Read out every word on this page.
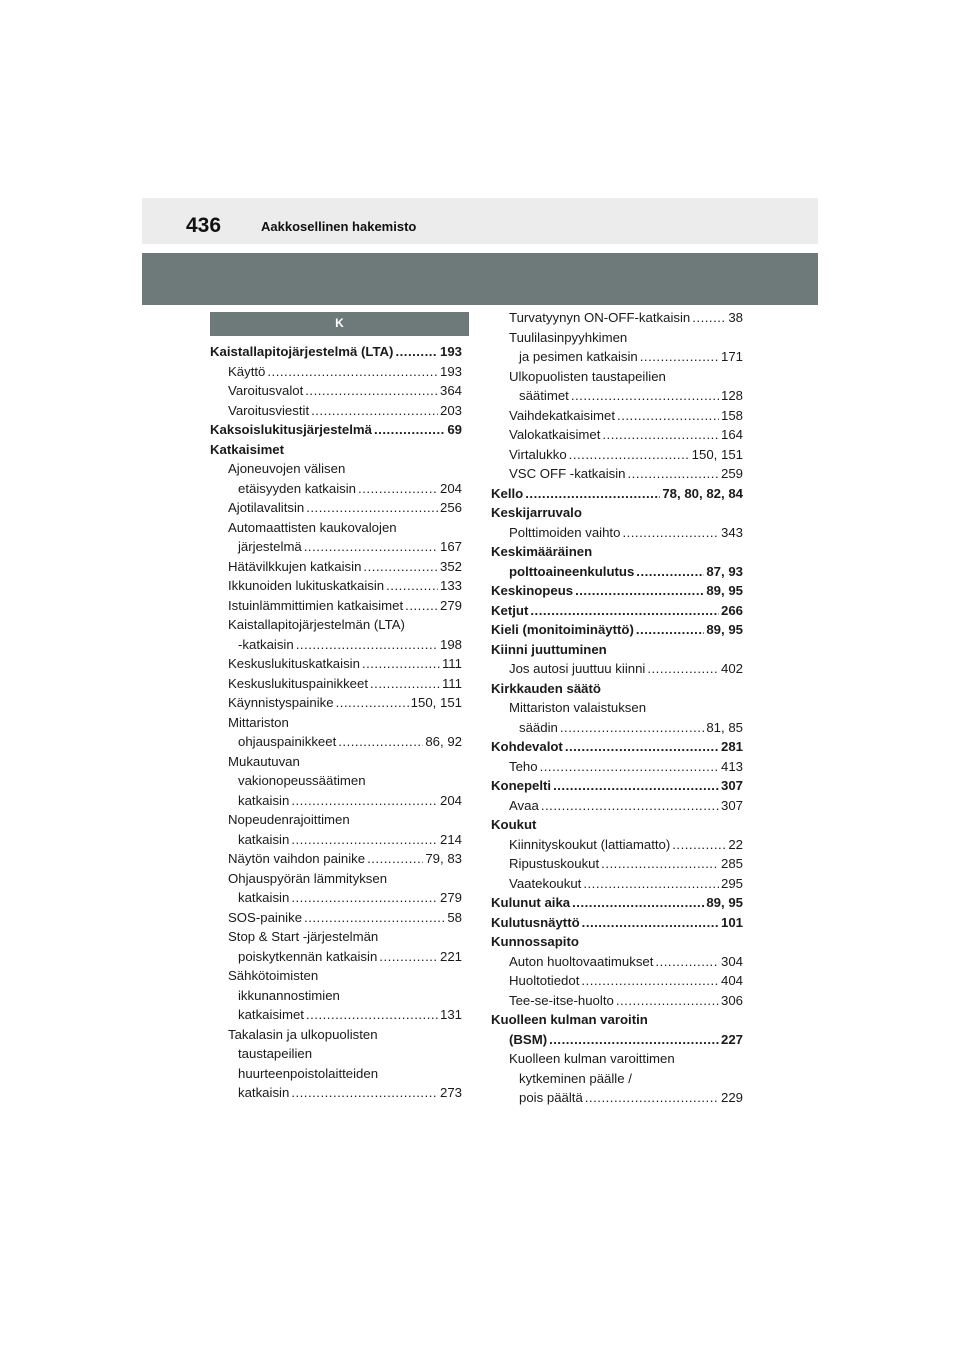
436	Aakkosellinen hakemisto
K
Kaistallapitojärjestelmä (LTA) .....	193
Käyttö .....	193
Varoitusvalot .....	364
Varoitusviestit .....	203
Kaksoislukitusjärjestelmä .....	69
Katkaisimet
Ajoneuvojen välisen
etäisyyden katkaisin .....	204
Ajotilavalitsin .....	256
Automaattisten kaukovalojen
järjestelmä .....	167
Hätävilkkujen katkaisin .....	352
Ikkunoiden lukituskatkaisin .....	133
Istuinlämmittimien katkaisimet .....	279
Kaistallapitojärjestelmän (LTA)
-katkaisin .....	198
Keskuslukituskatkaisin .....	111
Keskuslukituspainikkeet .....	111
Käynnistyspainike .....	150, 151
Mittariston
ohjauspainikkeet .....	86, 92
Mukautuvan
vakionopeussäätimen
katkaisin .....	204
Nopeudenrajoittimen
katkaisin .....	214
Näytön vaihdon painike .....	79, 83
Ohjauspyörän lämmityksen
katkaisin .....	279
SOS-painike .....	58
Stop & Start -järjestelmän
poiskytkennän katkaisin .....	221
Sähkötoimisten
ikkunannostimien
katkaisimet .....	131
Takalasin ja ulkopuolisten
taustapeilien
huurteenpoistolaitteiden
katkaisin .....	273
Turvatyynyn ON-OFF-katkaisin .....	38
Tuulilasinpyyhkimen
ja pesimen katkaisin .....	171
Ulkopuolisten taustapeilien
säätimet .....	128
Vaihdekatkaisimet .....	158
Valokatkaisimet .....	164
Virtalukko .....	150, 151
VSC OFF -katkaisin .....	259
Kello .....	78, 80, 82, 84
Keskijarruvalo
Polttimoiden vaihto .....	343
Keskimääräinen
polttoaineenkulutus .....	87, 93
Keskinopeus .....	89, 95
Ketjut .....	266
Kieli (monitoiminäyttö) .....	89, 95
Kiinni juuttuminen
Jos autosi juuttuu kiinni .....	402
Kirkkauden säätö
Mittariston valaistuksen
säädin .....	81, 85
Kohdevalot .....	281
Teho .....	413
Konepelti .....	307
Avaa .....	307
Koukut
Kiinnityskoukut (lattiamatto) .....	22
Ripustuskoukut .....	285
Vaatekoukut .....	295
Kulunut aika .....	89, 95
Kulutusnäyttö .....	101
Kunnossapito
Auton huoltovaatimukset .....	304
Huoltotiedot .....	404
Tee-se-itse-huolto .....	306
Kuolleen kulman varoitin
(BSM) .....	227
Kuolleen kulman varoittimen
kytkeminen päälle /
pois päältä .....	229
